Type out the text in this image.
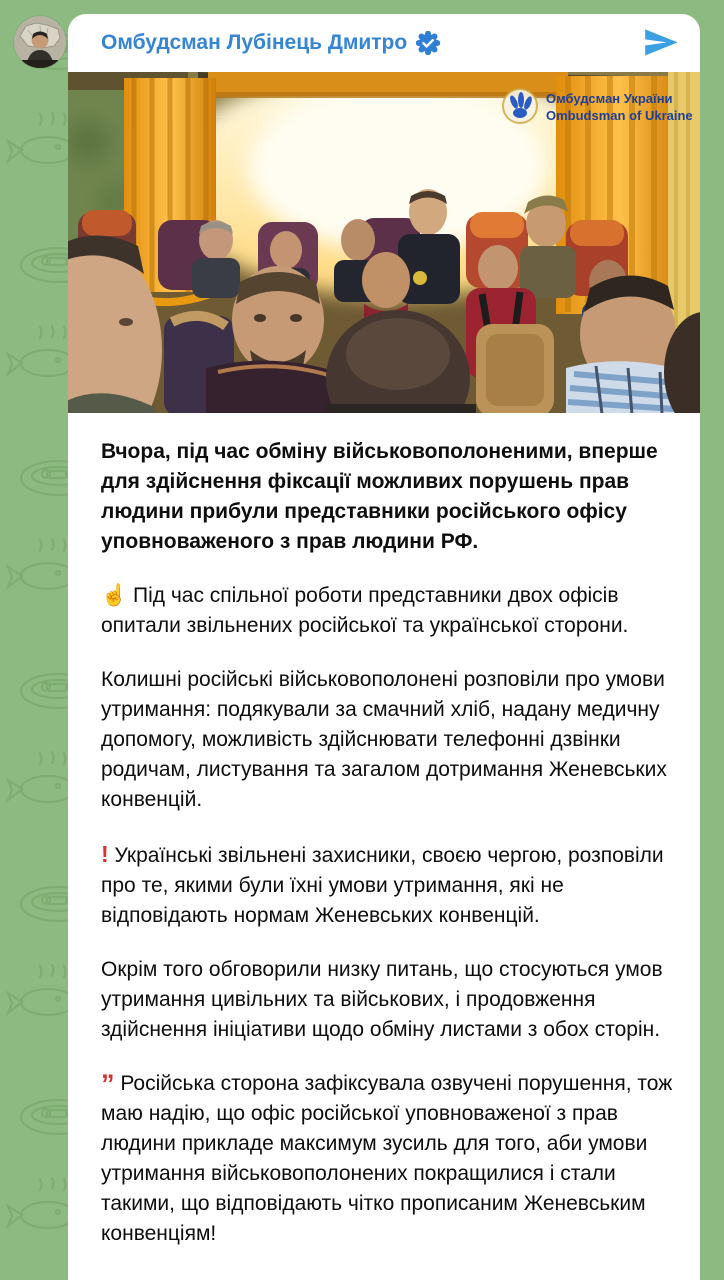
Омбудсман Лубінець Дмитро
Омбудсман України
Ombudsman of Ukraine

Вчора, під час обміну військовополоненими, вперше для здійснення фіксації можливих порушень прав людини прибули представники російського офісу уповноваженого з прав людини РФ.

☝ Під час спільної роботи представники двох офісів опитали звільнених російської та української сторони.

Колишні російські військовополонені розповіли про умови утримання: подякували за смачний хліб, надану медичну допомогу, можливість здійснювати телефонні дзвінки родичам, листування та загалом дотримання Женевських конвенцій.

! Українські звільнені захисники, своєю чергою, розповіли про те, якими були їхні умови утримання, які не відповідають нормам Женевських конвенцій.

Окрім того обговорили низку питань, що стосуються умов утримання цивільних та військових, і продовження здійснення ініціативи щодо обміну листами з обох сторін.

” Російська сторона зафіксувала озвучені порушення, тож маю надію, що офіс російської уповноваженої з прав людини прикладе максимум зусиль для того, аби умови утримання військовополонених покращилися і стали такими, що відповідають чітко прописаним Женевським конвенціям!
